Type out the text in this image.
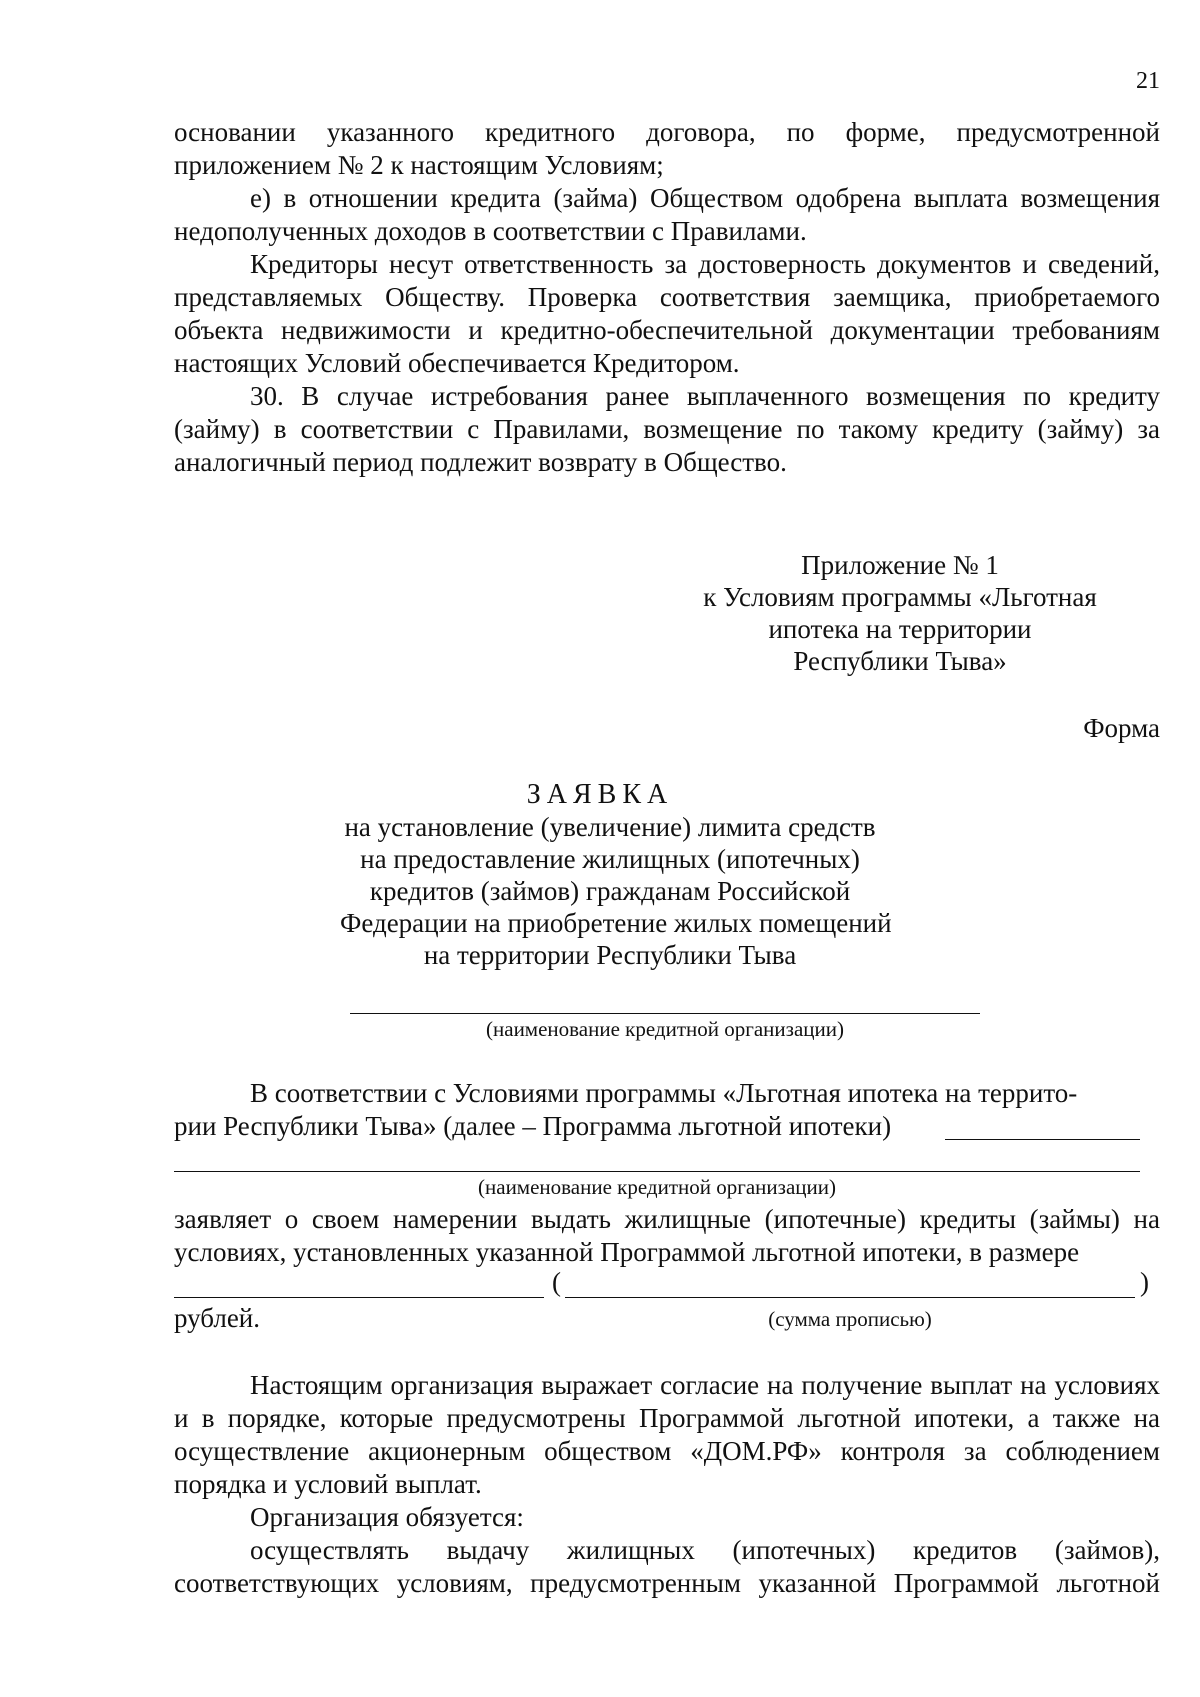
21

основании указанного кредитного договора, по форме, предусмотренной приложением № 2 к настоящим Условиям;

е) в отношении кредита (займа) Обществом одобрена выплата возмещения недополученных доходов в соответствии с Правилами.

Кредиторы несут ответственность за достоверность документов и сведений, представляемых Обществу. Проверка соответствия заемщика, приобретаемого объекта недвижимости и кредитно-обеспечительной документации требованиям настоящих Условий обеспечивается Кредитором.

30. В случае истребования ранее выплаченного возмещения по кредиту (займу) в соответствии с Правилами, возмещение по такому кредиту (займу) за аналогичный период подлежит возврату в Общество.

Приложение № 1
к Условиям программы «Льготная
ипотека на территории
Республики Тыва»
Форма
ЗАЯВКА
на установление (увеличение) лимита средств
на предоставление жилищных (ипотечных)
кредитов (займов) гражданам Российской
Федерации на приобретение жилых помещений
на территории Республики Тыва
(наименование кредитной организации)
В соответствии с Условиями программы «Льготная ипотека на террито-
рии Республики Тыва» (далее – Программа льготной ипотеки)
(наименование кредитной организации)

заявляет о своем намерении выдать жилищные (ипотечные) кредиты (займы) на условиях, установленных указанной Программой льготной ипотеки, в размере

(	)
рублей.	(сумма прописью)

Настоящим организация выражает согласие на получение выплат на условиях и в порядке, которые предусмотрены Программой льготной ипотеки, а также на осуществление акционерным обществом «ДОМ.РФ» контроля за соблюдением порядка и условий выплат.

Организация обязуется:

осуществлять выдачу жилищных (ипотечных) кредитов (займов), соответствующих условиям, предусмотренным указанной Программой льготной
